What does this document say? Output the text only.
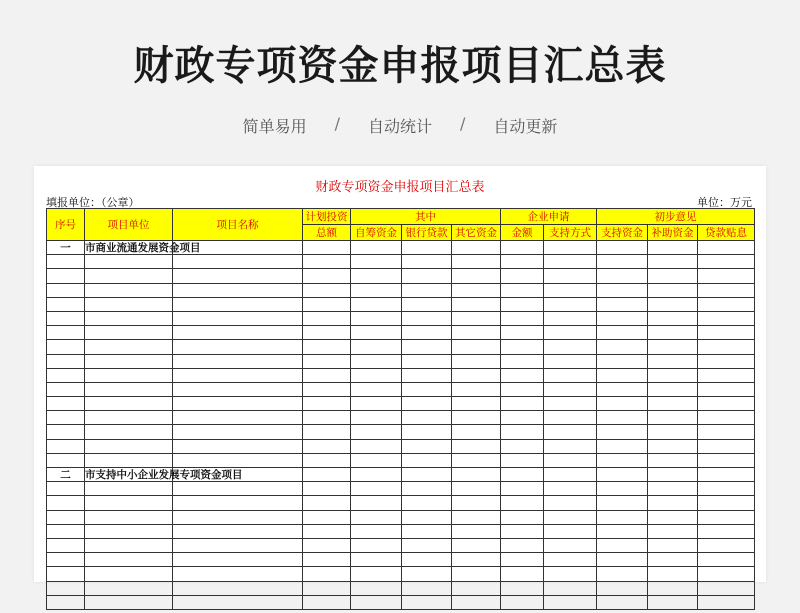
财政专项资金申报项目汇总表
简单易用 / 自动统计 / 自动更新
财政专项资金申报项目汇总表
填报单位：（公章）	单位：万元
序号	项目单位	项目名称	计划投资	其中			企业申请		初步意见		
			总额	自筹资金	银行贷款	其它资金	金额	支持方式	支持资金	补助资金	贷款贴息
一	市商业流通发展资金项目										

二	市支持中小企业发展专项资金项目										
